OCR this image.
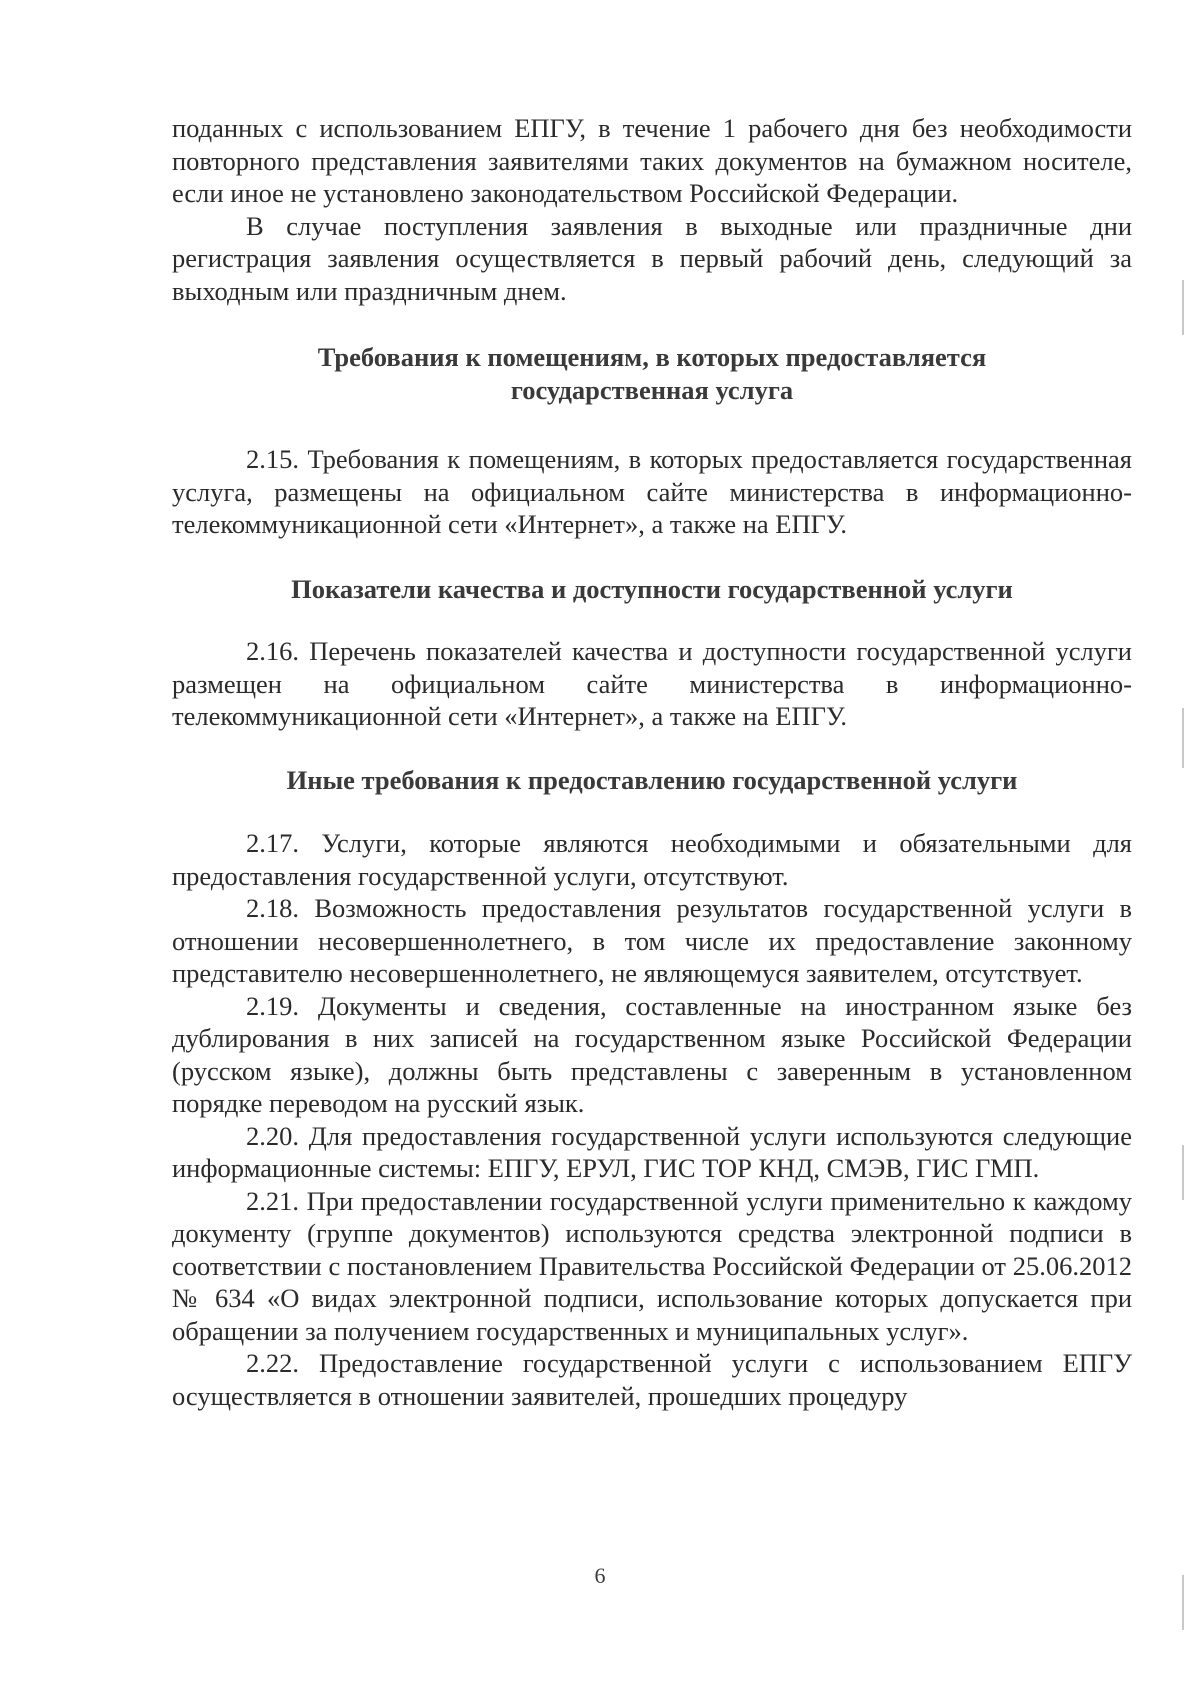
поданных с использованием ЕПГУ, в течение 1 рабочего дня без необходимости повторного представления заявителями таких документов на бумажном носителе, если иное не установлено законодательством Российской Федерации.

В случае поступления заявления в выходные или праздничные дни регистрация заявления осуществляется в первый рабочий день, следующий за выходным или праздничным днем.

Требования к помещениям, в которых предоставляется государственная услуга

2.15. Требования к помещениям, в которых предоставляется государственная услуга, размещены на официальном сайте министерства в информационно-телекоммуникационной сети «Интернет», а также на ЕПГУ.

Показатели качества и доступности государственной услуги

2.16. Перечень показателей качества и доступности государственной услуги размещен на официальном сайте министерства в информационно-телекоммуникационной сети «Интернет», а также на ЕПГУ.

Иные требования к предоставлению государственной услуги

2.17. Услуги, которые являются необходимыми и обязательными для предоставления государственной услуги, отсутствуют.

2.18. Возможность предоставления результатов государственной услуги в отношении несовершеннолетнего, в том числе их предоставление законному представителю несовершеннолетнего, не являющемуся заявителем, отсутствует.

2.19. Документы и сведения, составленные на иностранном языке без дублирования в них записей на государственном языке Российской Федерации (русском языке), должны быть представлены с заверенным в установленном порядке переводом на русский язык.

2.20. Для предоставления государственной услуги используются следующие информационные системы: ЕПГУ, ЕРУЛ, ГИС ТОР КНД, СМЭВ, ГИС ГМП.

2.21. При предоставлении государственной услуги применительно к каждому документу (группе документов) используются средства электронной подписи в соответствии с постановлением Правительства Российской Федерации от 25.06.2012 № 634 «О видах электронной подписи, использование которых допускается при обращении за получением государственных и муниципальных услуг».

2.22. Предоставление государственной услуги с использованием ЕПГУ осуществляется в отношении заявителей, прошедших процедуру

6
